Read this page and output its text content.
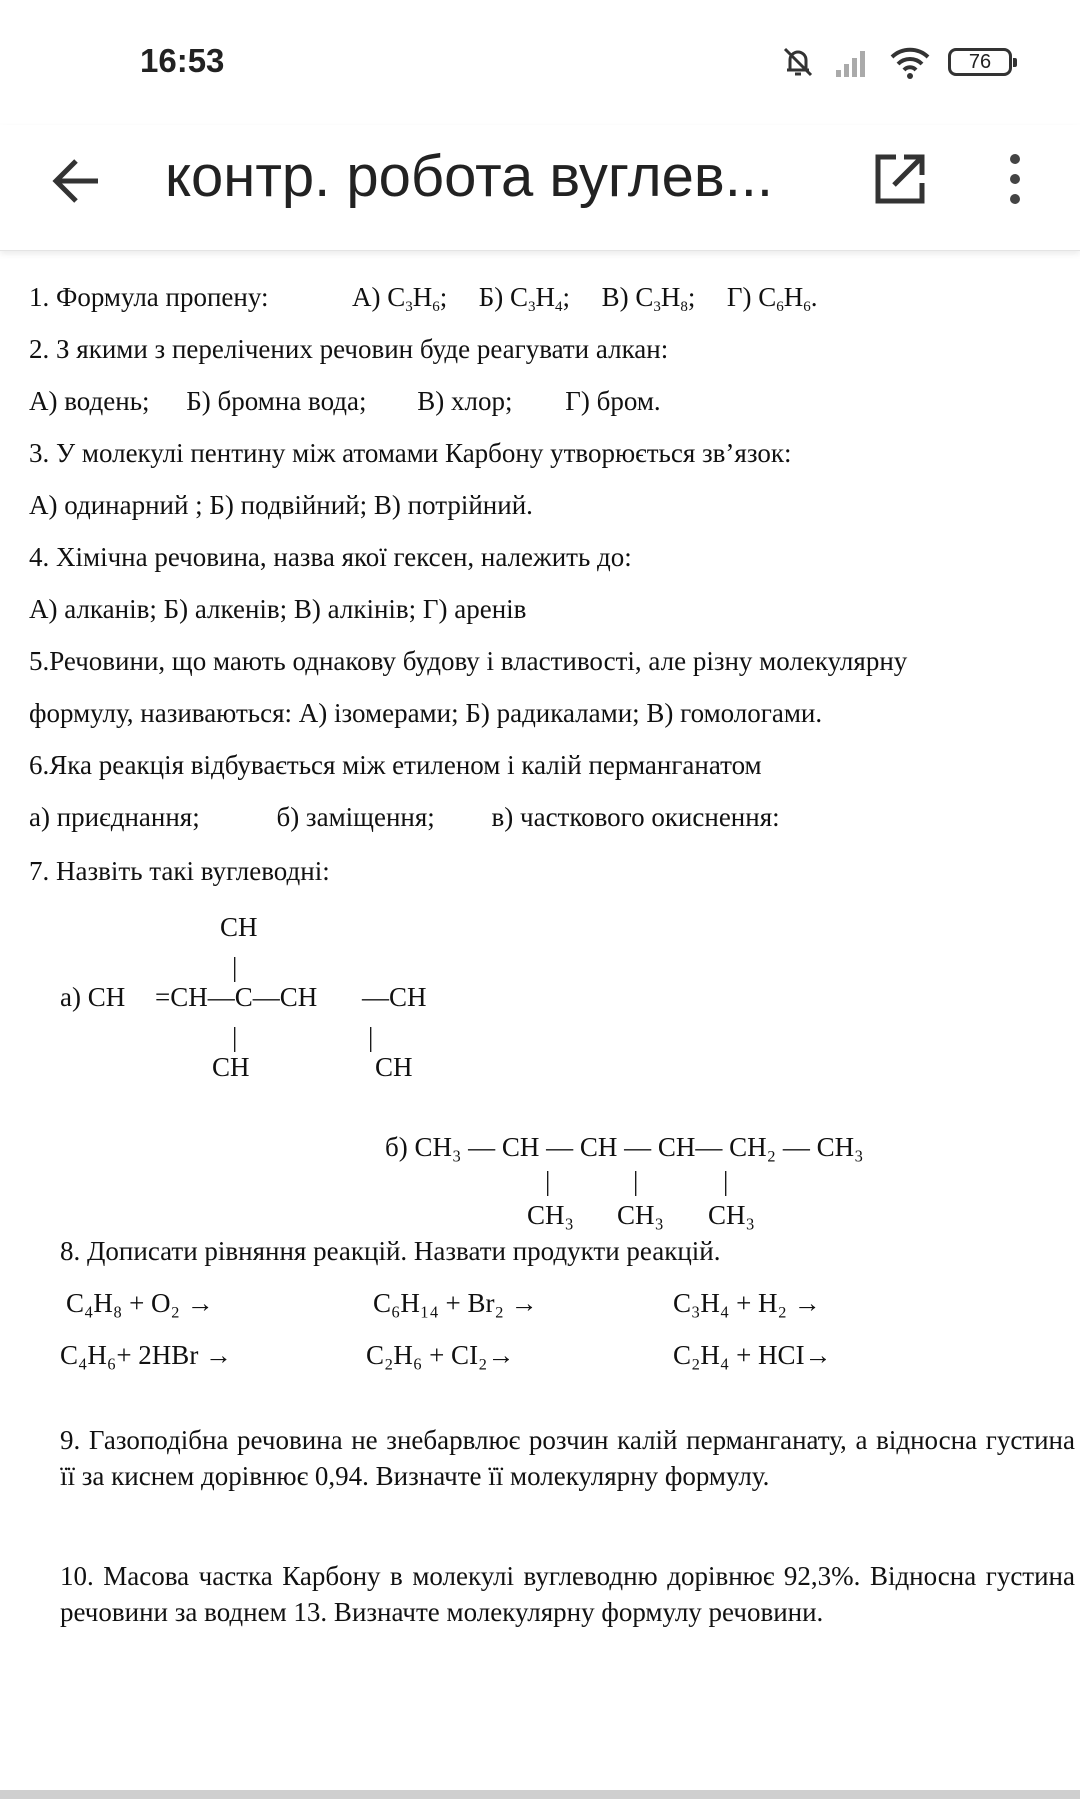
16:53	76
контр. робота вуглев...
1. Формула пропену:	А) $C_3H_6$; Б) $C_3H_4$; В) $C_3H_8$; Г) $C_6H_6$.
2. З якими з перелічених речовин буде реагувати алкан:
А) водень; Б) бромна вода; В) хлор; Г) бром.
3. У молекулі пентину між атомами Карбону утворюється зв’язок:
А) одинарний ; Б) подвійний; В) потрійний.
4. Хімічна речовина, назва якої гексен, належить до:
А) алканів; Б) алкенів; В) алкінів; Г) аренів
5.Речовини, що мають однакову будову і властивості, але різну молекулярну
формулу, називаються: А) ізомерами; Б) радикалами; В) гомологами.
6.Яка реакція відбувається між етиленом і калій перманганатом
а) приєднання;	б) заміщення; в) часткового окиснення:
7. Назвіть такі вуглеводні:
CH
|
а) CH =CH—C—CH —CH
|	|
CH	CH
б) CH₃ — CH — CH — CH— CH₂ — CH₃
|	|	|
CH₃ CH₃ CH₃
8. Дописати рівняння реакцій. Назвати продукти реакцій.
C₄H₈ + O₂ →	C₆H₁₄ + Br₂ →	C₃H₄ + H₂ →
C₄H₆+ 2HBr →	C₂H₆ + CI₂→	C₂H₄ + HCI→
9. Газоподібна речовина не знебарвлює розчин калій перманганату, а відносна густина її за киснем дорівнює 0,94. Визначте її молекулярну формулу.
10. Масова частка Карбону в молекулі вуглеводню дорівнює 92,3%. Відносна густина речовини за воднем 13. Визначте молекулярну формулу речовини.
